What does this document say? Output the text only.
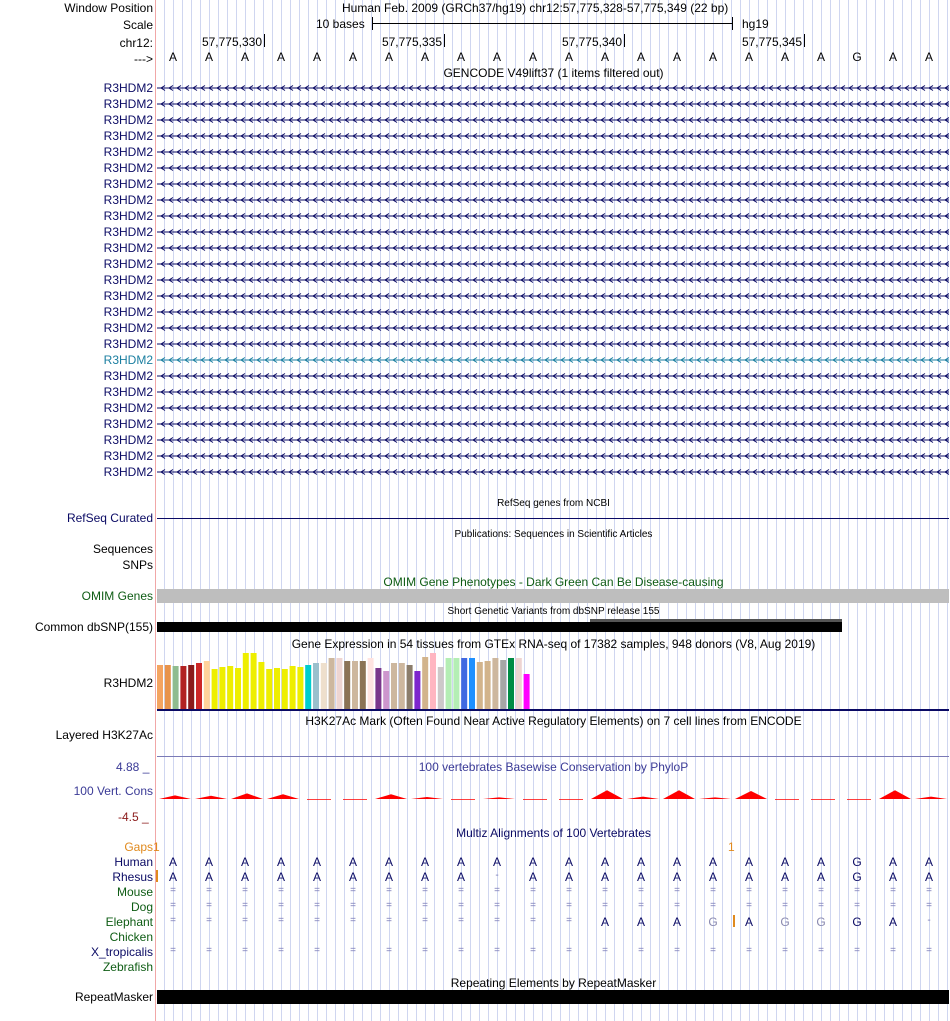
Window Position	Human Feb. 2009 (GRCh37/hg19) chr12:57,775,328-57,775,349 (22 bp)
Scale	10 bases	hg19
chr12:	57,775,330	57,775,335	57,775,340	57,775,345
--->	A	A	A	A	A	A	A	A	A	A	A	A	A	A	A	A	A	A	A	G	A	A
GENCODE V49lift37 (1 items filtered out)
R3HDM2
R3HDM2
R3HDM2
R3HDM2
R3HDM2
R3HDM2
R3HDM2
R3HDM2
R3HDM2
R3HDM2
R3HDM2
R3HDM2
R3HDM2
R3HDM2
R3HDM2
R3HDM2
R3HDM2
R3HDM2
R3HDM2
R3HDM2
R3HDM2
R3HDM2
R3HDM2
R3HDM2
R3HDM2
RefSeq genes from NCBI
RefSeq Curated
Publications: Sequences in Scientific Articles
Sequences
SNPs
OMIM Gene Phenotypes - Dark Green Can Be Disease-causing
OMIM Genes
Short Genetic Variants from dbSNP release 155
Common dbSNP(155)
Gene Expression in 54 tissues from GTEx RNA-seq of 17382 samples, 948 donors (V8, Aug 2019)
R3HDM2
H3K27Ac Mark (Often Found Near Active Regulatory Elements) on 7 cell lines from ENCODE
Layered H3K27Ac
100 vertebrates Basewise Conservation by PhyloP
4.88 _
100 Vert. Cons
-4.5 _
Multiz Alignments of 100 Vertebrates
Gaps 1	1
Human	A	A	A	A	A	A	A	A	A	A	A	A	A	A	A	A	A	A	A	G	A	A
Rhesus	A	A	A	A	A	A	A	A	A	-	A	A	A	A	A	A	A	A	A	G	A	A
Mouse	=	=	=	=	=	=	=	=	=	=	=	=	=	=	=	=	=	=	=	=	=	=
Dog	=	=	=	=	=	=	=	=	=	=	=	=	=	=	=	=	=	=	=	=	=	=
Elephant	=	=	=	=	=	=	=	=	=	=	=	=	A	A	A	G	A	G	G	G	A	-
Chicken
X_tropicalis	=	=	=	=	=	=	=	=	=	=	=	=	=	=	=	=	=	=	=	=	=	=
Zebrafish
Repeating Elements by RepeatMasker
RepeatMasker
